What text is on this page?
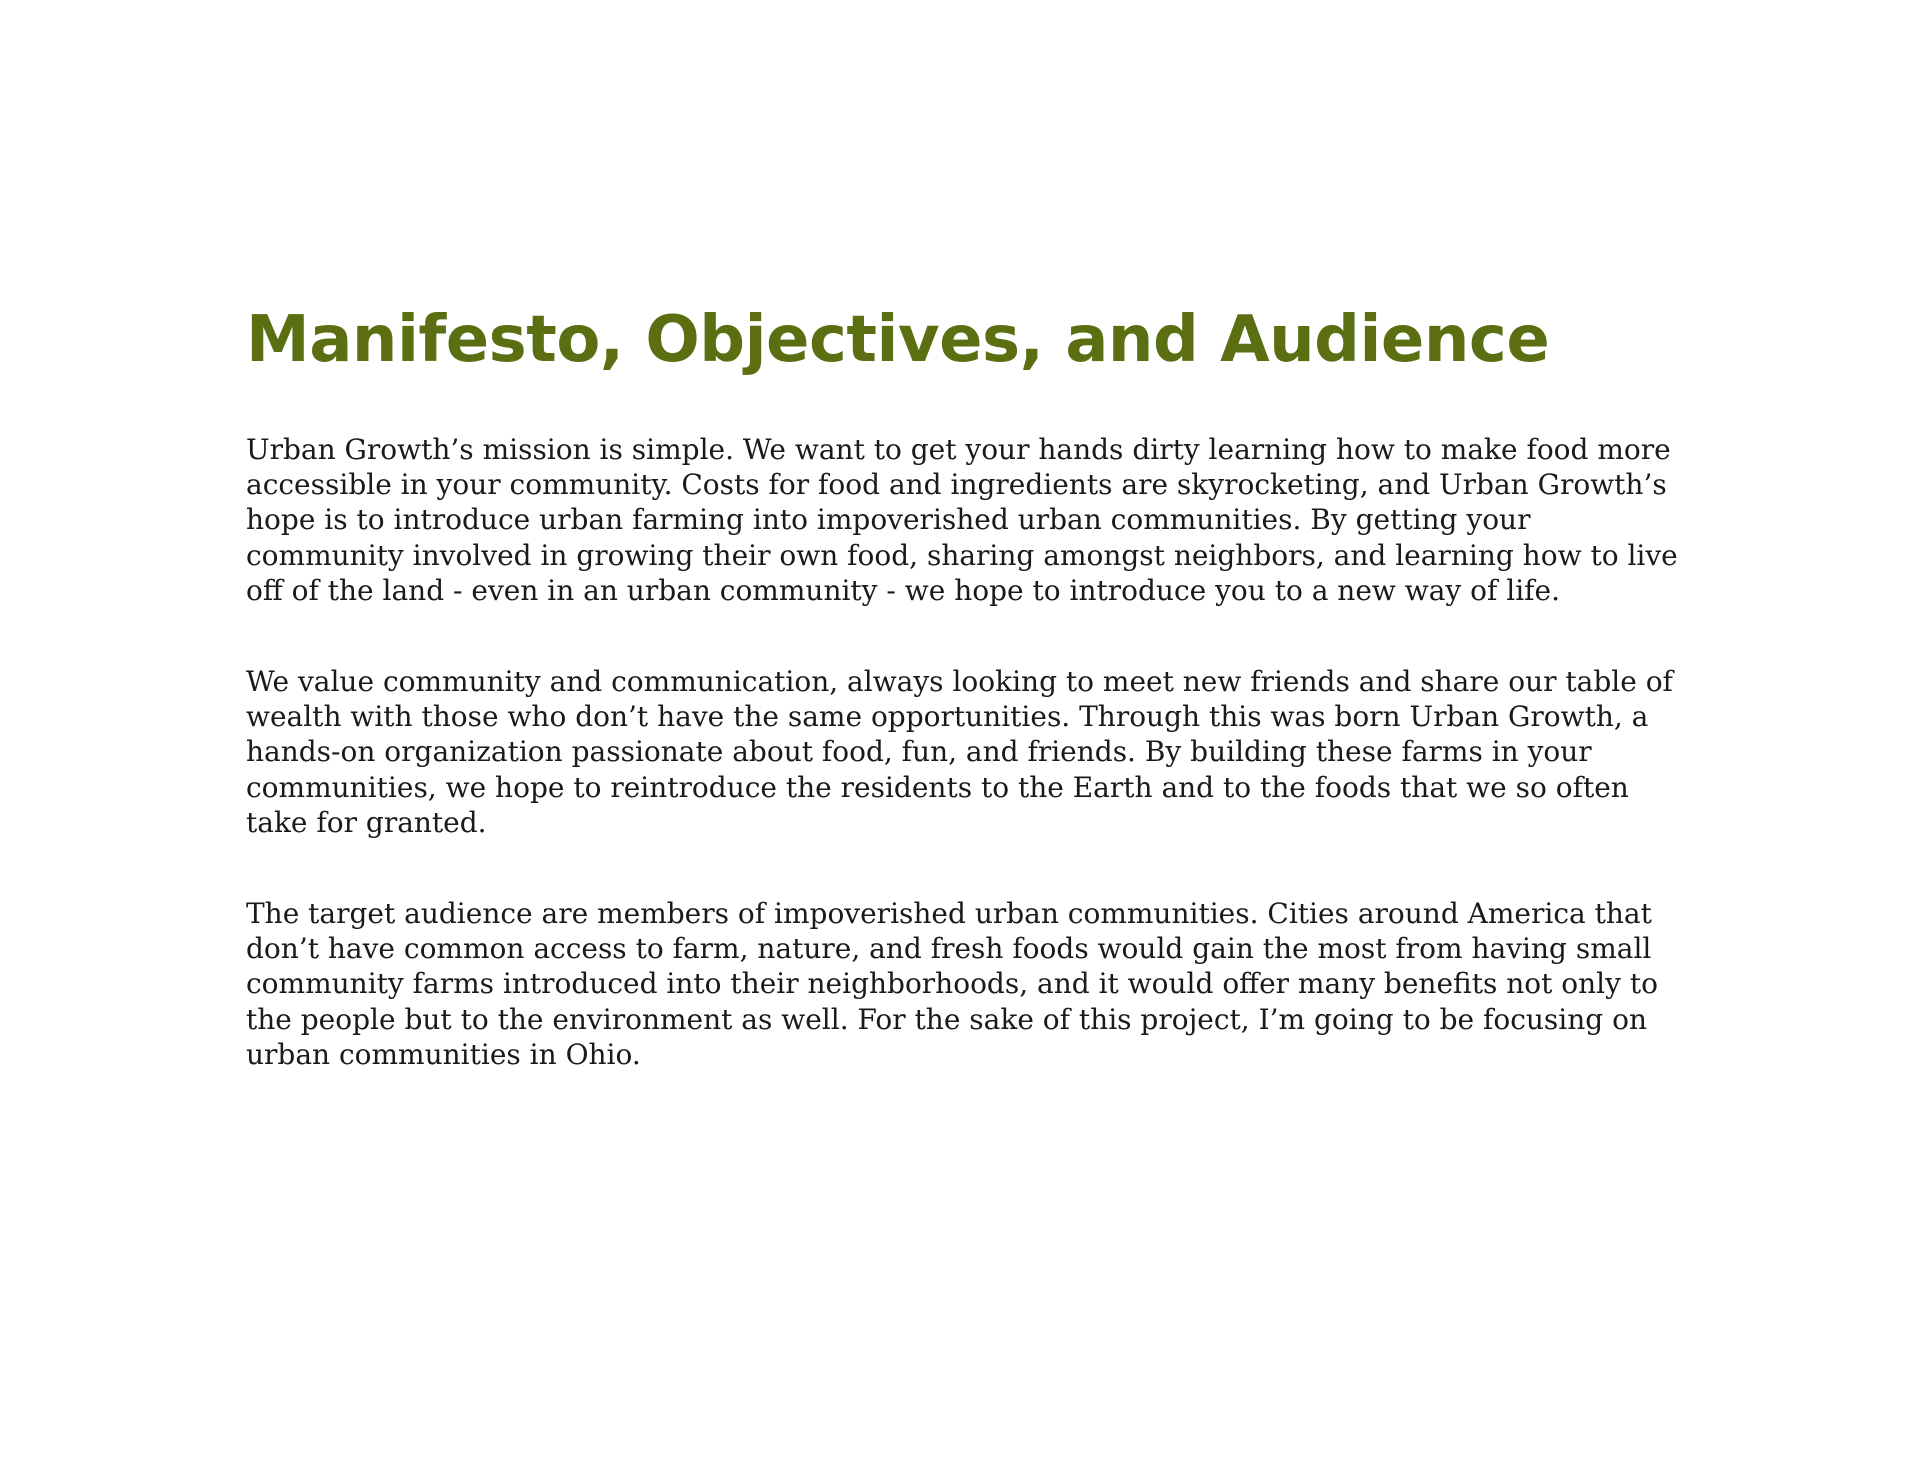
Manifesto, Objectives, and Audience

Urban Growth’s mission is simple. We want to get your hands dirty learning how to make food more accessible in your community. Costs for food and ingredients are skyrocketing, and Urban Growth’s hope is to introduce urban farming into impoverished urban communities. By getting your community involved in growing their own food, sharing amongst neighbors, and learning how to live off of the land - even in an urban community - we hope to introduce you to a new way of life.

We value community and communication, always looking to meet new friends and share our table of wealth with those who don’t have the same opportunities. Through this was born Urban Growth, a hands-on organization passionate about food, fun, and friends. By building these farms in your communities, we hope to reintroduce the residents to the Earth and to the foods that we so often take for granted.

The target audience are members of impoverished urban communities. Cities around America that don’t have common access to farm, nature, and fresh foods would gain the most from having small community farms introduced into their neighborhoods, and it would offer many benefits not only to the people but to the environment as well. For the sake of this project, I’m going to be focusing on urban communities in Ohio.
